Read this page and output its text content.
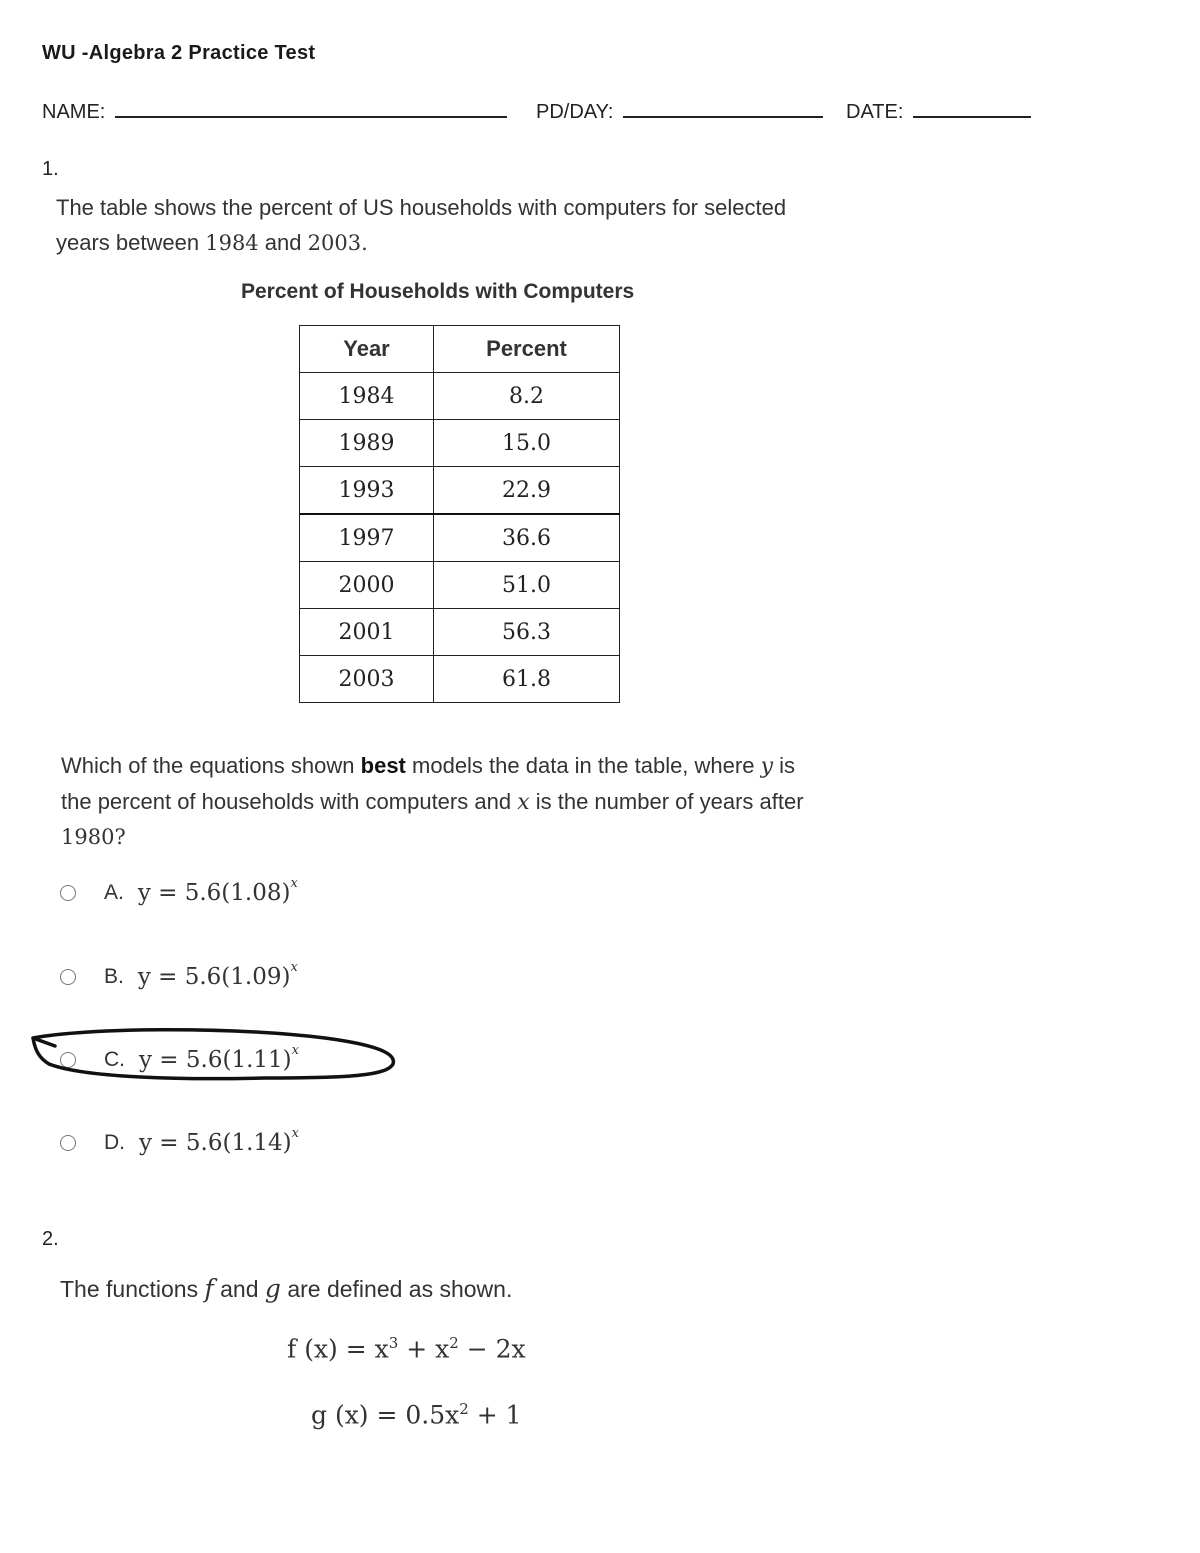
WU -Algebra 2 Practice Test
NAME:	PD/DAY:	DATE:
1.
The table shows the percent of US households with computers for selected
years between 1984 and 2003.
Percent of Households with Computers
Year	Percent
1984	8.2
1989	15.0
1993	22.9
1997	36.6
2000	51.0
2001	56.3
2003	61.8
Which of the equations shown best models the data in the table, where y is
the percent of households with computers and x is the number of years after
1980?
A. $y = 5.6(1.08)^x$
B. $y = 5.6(1.09)^x$
C. $y = 5.6(1.11)^x$
D. $y = 5.6(1.14)^x$
2.
The functions f and g are defined as shown.
f $(x) = x^3 + x^2 - 2x$
g $(x) = 0.5x^2 + 1$
